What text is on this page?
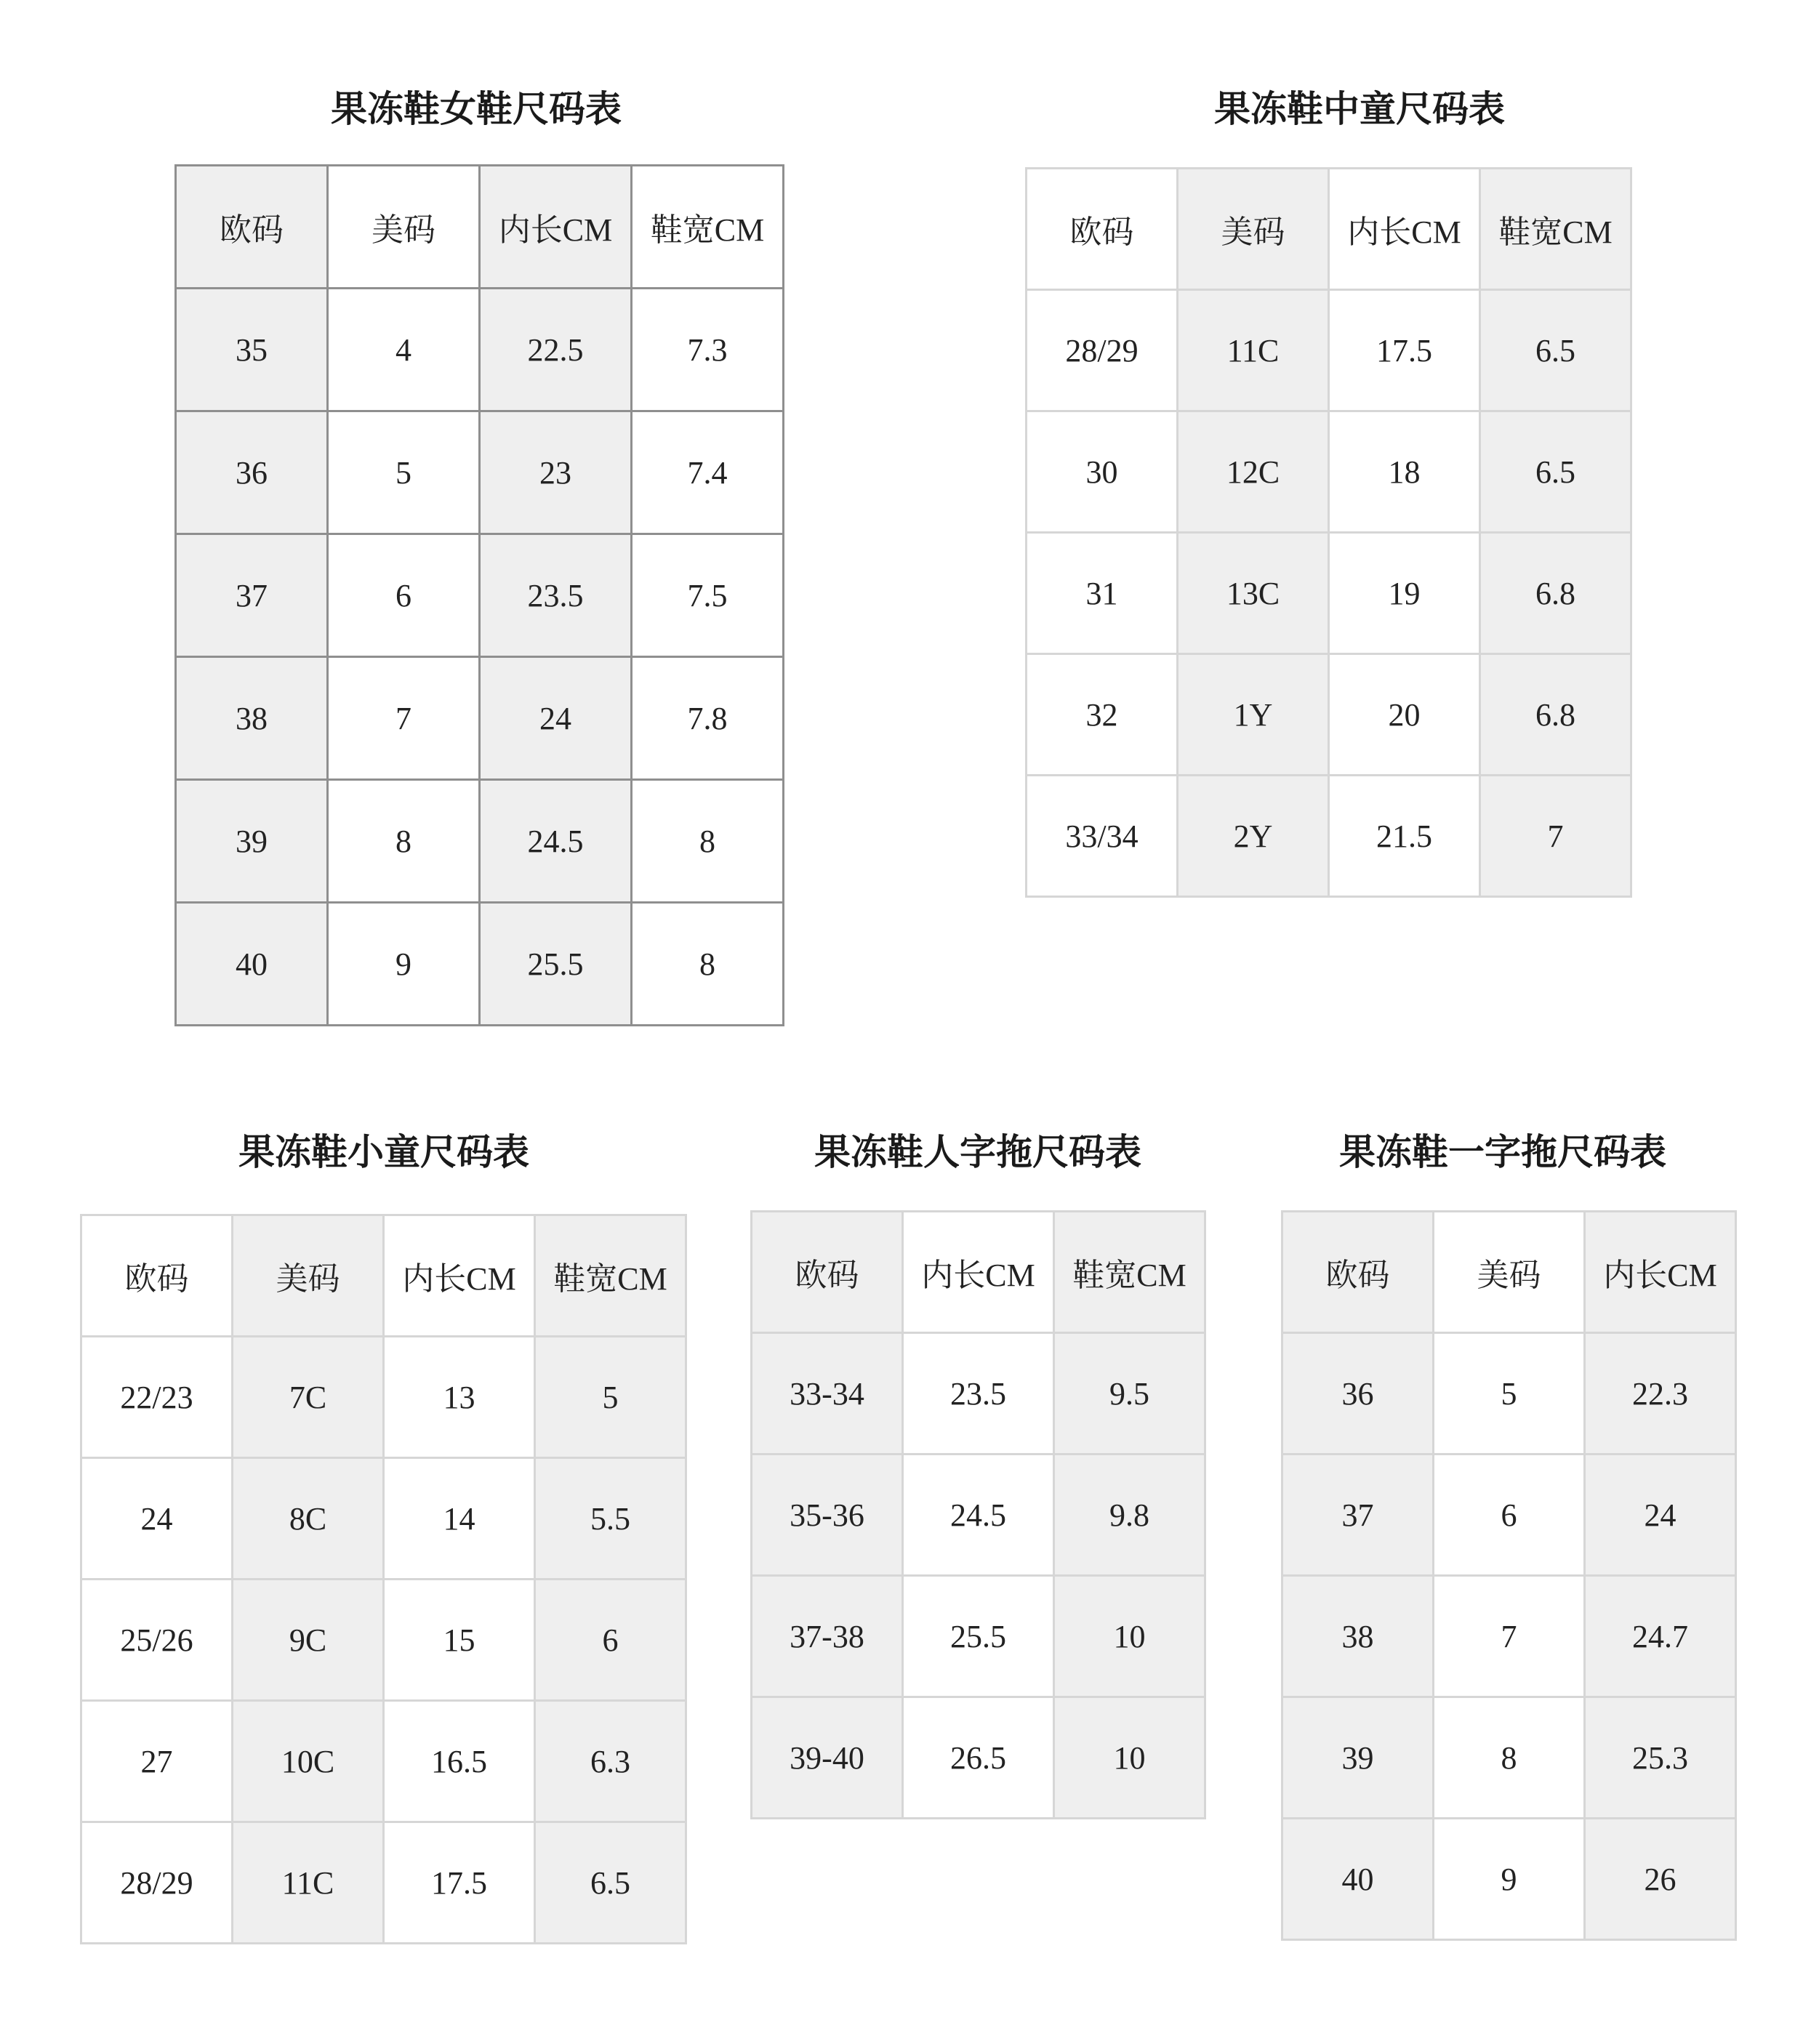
果冻鞋女鞋尺码表
欧码	美码	内长CM	鞋宽CM
35	4	22.5	7.3
36	5	23	7.4
37	6	23.5	7.5
38	7	24	7.8
39	8	24.5	8
40	9	25.5	8
果冻鞋中童尺码表
欧码	美码	内长CM	鞋宽CM
28/29	11C	17.5	6.5
30	12C	18	6.5
31	13C	19	6.8
32	1Y	20	6.8
33/34	2Y	21.5	7
果冻鞋小童尺码表
欧码	美码	内长CM	鞋宽CM
22/23	7C	13	5
24	8C	14	5.5
25/26	9C	15	6
27	10C	16.5	6.3
28/29	11C	17.5	6.5
果冻鞋人字拖尺码表
欧码	内长CM	鞋宽CM
33-34	23.5	9.5
35-36	24.5	9.8
37-38	25.5	10
39-40	26.5	10
果冻鞋一字拖尺码表
欧码	美码	内长CM
36	5	22.3
37	6	24
38	7	24.7
39	8	25.3
40	9	26
